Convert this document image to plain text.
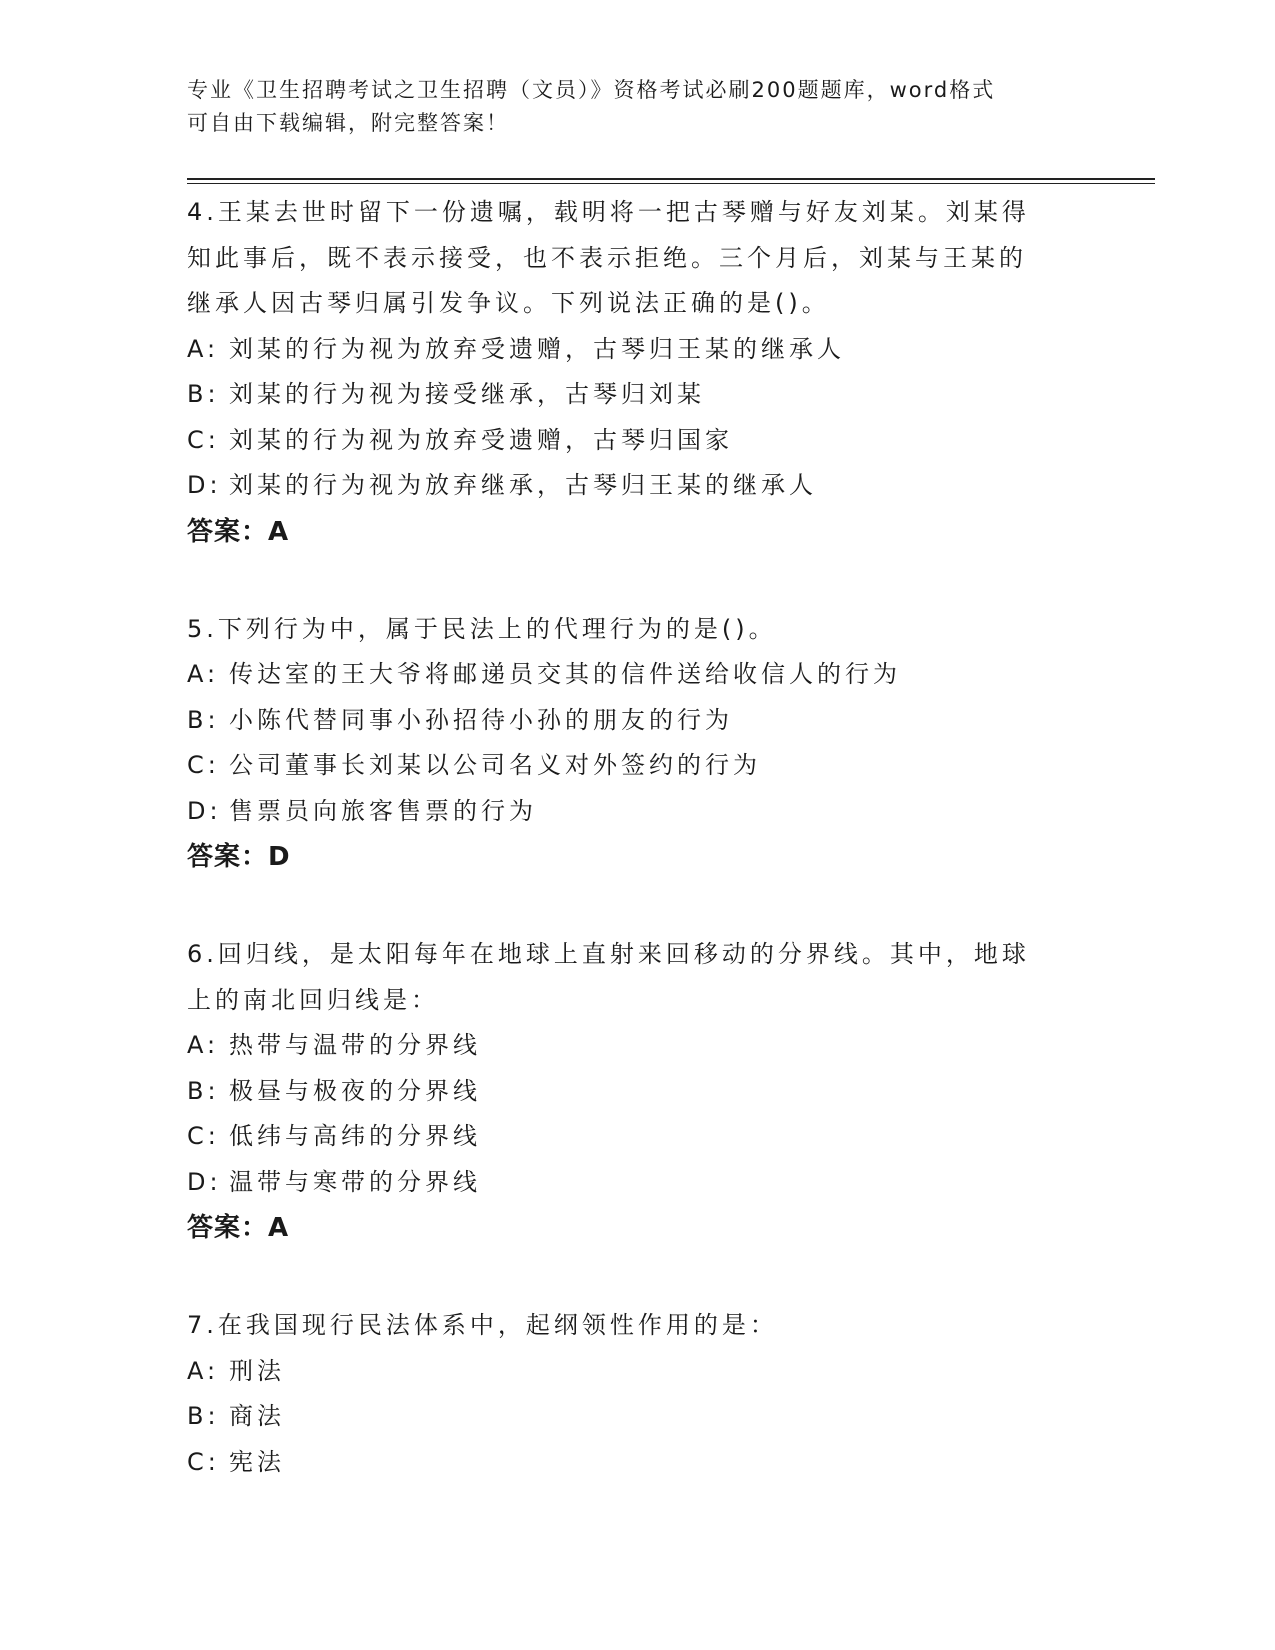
专业《卫生招聘考试之卫生招聘（文员）》资格考试必刷200题题库，word格式
可自由下载编辑，附完整答案！
4.王某去世时留下一份遗嘱，载明将一把古琴赠与好友刘某。刘某得
知此事后，既不表示接受，也不表示拒绝。三个月后，刘某与王某的
继承人因古琴归属引发争议。下列说法正确的是()。
A: 刘某的行为视为放弃受遗赠，古琴归王某的继承人
B: 刘某的行为视为接受继承，古琴归刘某
C: 刘某的行为视为放弃受遗赠，古琴归国家
D: 刘某的行为视为放弃继承，古琴归王某的继承人
答案：A
5.下列行为中，属于民法上的代理行为的是()。
A: 传达室的王大爷将邮递员交其的信件送给收信人的行为
B: 小陈代替同事小孙招待小孙的朋友的行为
C: 公司董事长刘某以公司名义对外签约的行为
D: 售票员向旅客售票的行为
答案：D
6.回归线，是太阳每年在地球上直射来回移动的分界线。其中，地球
上的南北回归线是：
A: 热带与温带的分界线
B: 极昼与极夜的分界线
C: 低纬与高纬的分界线
D: 温带与寒带的分界线
答案：A
7.在我国现行民法体系中，起纲领性作用的是：
A: 刑法
B: 商法
C: 宪法
